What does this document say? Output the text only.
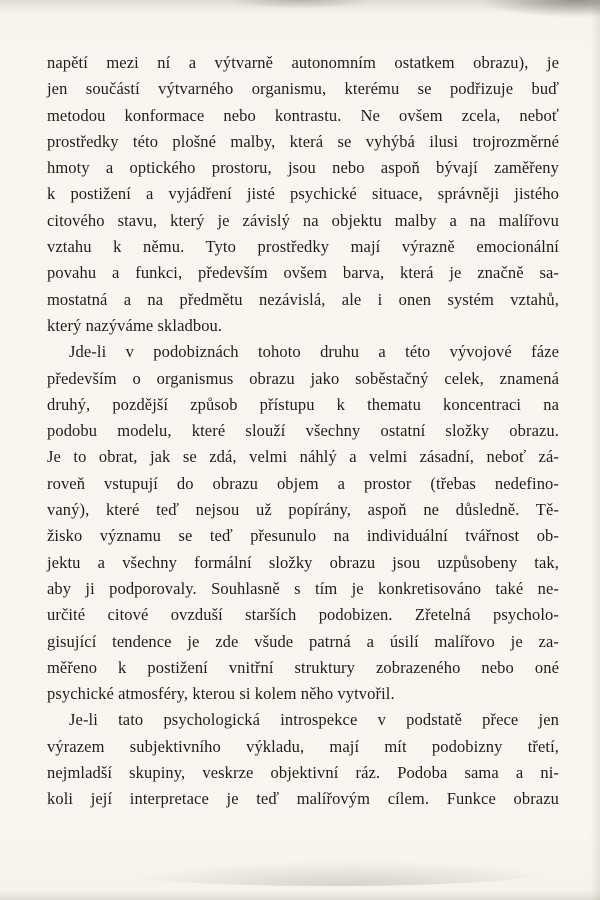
napětí mezi ní a výtvarně autonomním ostatkem obrazu), je
jen součástí výtvarného organismu, kterému se podřizuje buď
metodou konformace nebo kontrastu. Ne ovšem zcela, neboť
prostředky této plošné malby, která se vyhýbá ilusi trojrozměrné
hmoty a optického prostoru, jsou nebo aspoň bývají zaměřeny
k postižení a vyjádření jisté psychické situace, správněji jistého
citového stavu, který je závislý na objektu malby a na malířovu
vztahu k němu. Tyto prostředky mají výrazně emocionální
povahu a funkci, především ovšem barva, která je značně sa-
mostatná a na předmětu nezávislá, ale i onen systém vztahů,
který nazýváme skladbou.
Jde-li v podobiznách tohoto druhu a této vývojové fáze
především o organismus obrazu jako soběstačný celek, znamená
druhý, pozdější způsob přístupu k thematu koncentraci na
podobu modelu, které slouží všechny ostatní složky obrazu.
Je to obrat, jak se zdá, velmi náhlý a velmi zásadní, neboť zá-
roveň vstupují do obrazu objem a prostor (třebas nedefino-
vaný), které teď nejsou už popírány, aspoň ne důsledně. Tě-
žisko významu se teď přesunulo na individuální tvářnost ob-
jektu a všechny formální složky obrazu jsou uzpůsobeny tak,
aby ji podporovaly. Souhlasně s tím je konkretisováno také ne-
určité citové ovzduší starších podobizen. Zřetelná psycholo-
gisující tendence je zde všude patrná a úsilí malířovo je za-
měřeno k postižení vnitřní struktury zobrazeného nebo oné
psychické atmosféry, kterou si kolem něho vytvořil.
Je-li tato psychologická introspekce v podstatě přece jen
výrazem subjektivního výkladu, mají mít podobizny třetí,
nejmladší skupiny, veskrze objektivní ráz. Podoba sama a ni-
koli její interpretace je teď malířovým cílem. Funkce obrazu
